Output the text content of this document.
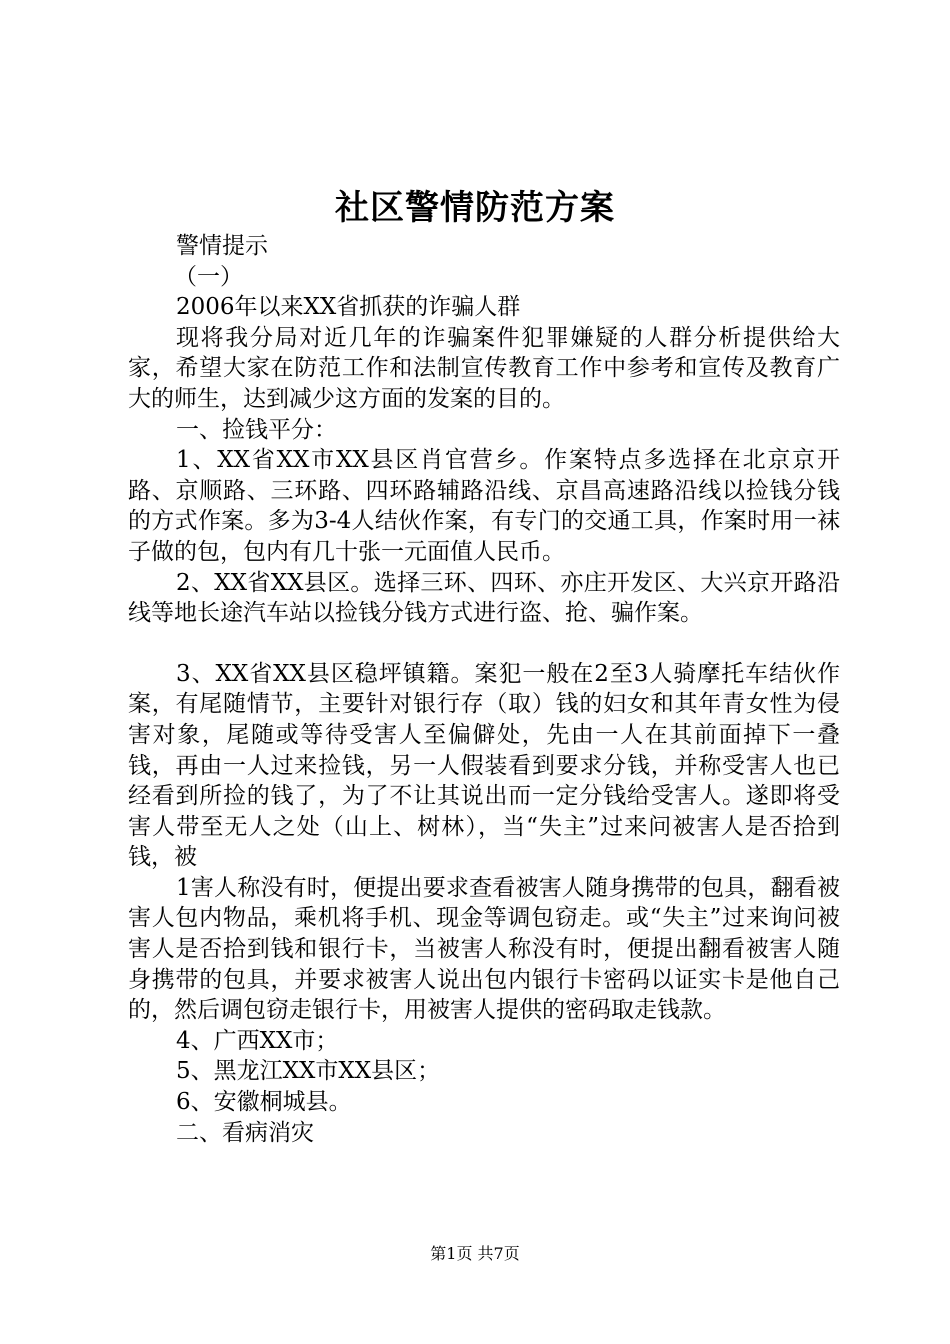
社区警情防范方案

警情提示

（一）

2006年以来XX省抓获的诈骗人群

现将我分局对近几年的诈骗案件犯罪嫌疑的人群分析提供给大家，希望大家在防范工作和法制宣传教育工作中参考和宣传及教育广大的师生，达到减少这方面的发案的目的。

一、捡钱平分：

1、XX省XX市XX县区肖官营乡。作案特点多选择在北京京开路、京顺路、三环路、四环路辅路沿线、京昌高速路沿线以捡钱分钱的方式作案。多为3-4人结伙作案，有专门的交通工具，作案时用一袜子做的包，包内有几十张一元面值人民币。

2、XX省XX县区。选择三环、四环、亦庄开发区、大兴京开路沿线等地长途汽车站以捡钱分钱方式进行盗、抢、骗作案。

3、XX省XX县区稳坪镇籍。案犯一般在2至3人骑摩托车结伙作案，有尾随情节，主要针对银行存（取）钱的妇女和其年青女性为侵害对象，尾随或等待受害人至偏僻处，先由一人在其前面掉下一叠钱，再由一人过来捡钱，另一人假装看到要求分钱，并称受害人也已经看到所捡的钱了，为了不让其说出而一定分钱给受害人。遂即将受害人带至无人之处（山上、树林），当“失主”过来问被害人是否拾到钱，被

1害人称没有时，便提出要求查看被害人随身携带的包具，翻看被害人包内物品，乘机将手机、现金等调包窃走。或“失主”过来询问被害人是否拾到钱和银行卡，当被害人称没有时，便提出翻看被害人随身携带的包具，并要求被害人说出包内银行卡密码以证实卡是他自己的，然后调包窃走银行卡，用被害人提供的密码取走钱款。

4、广西XX市；

5、黑龙江XX市XX县区；

6、安徽桐城县。

二、看病消灾

第1页 共7页
